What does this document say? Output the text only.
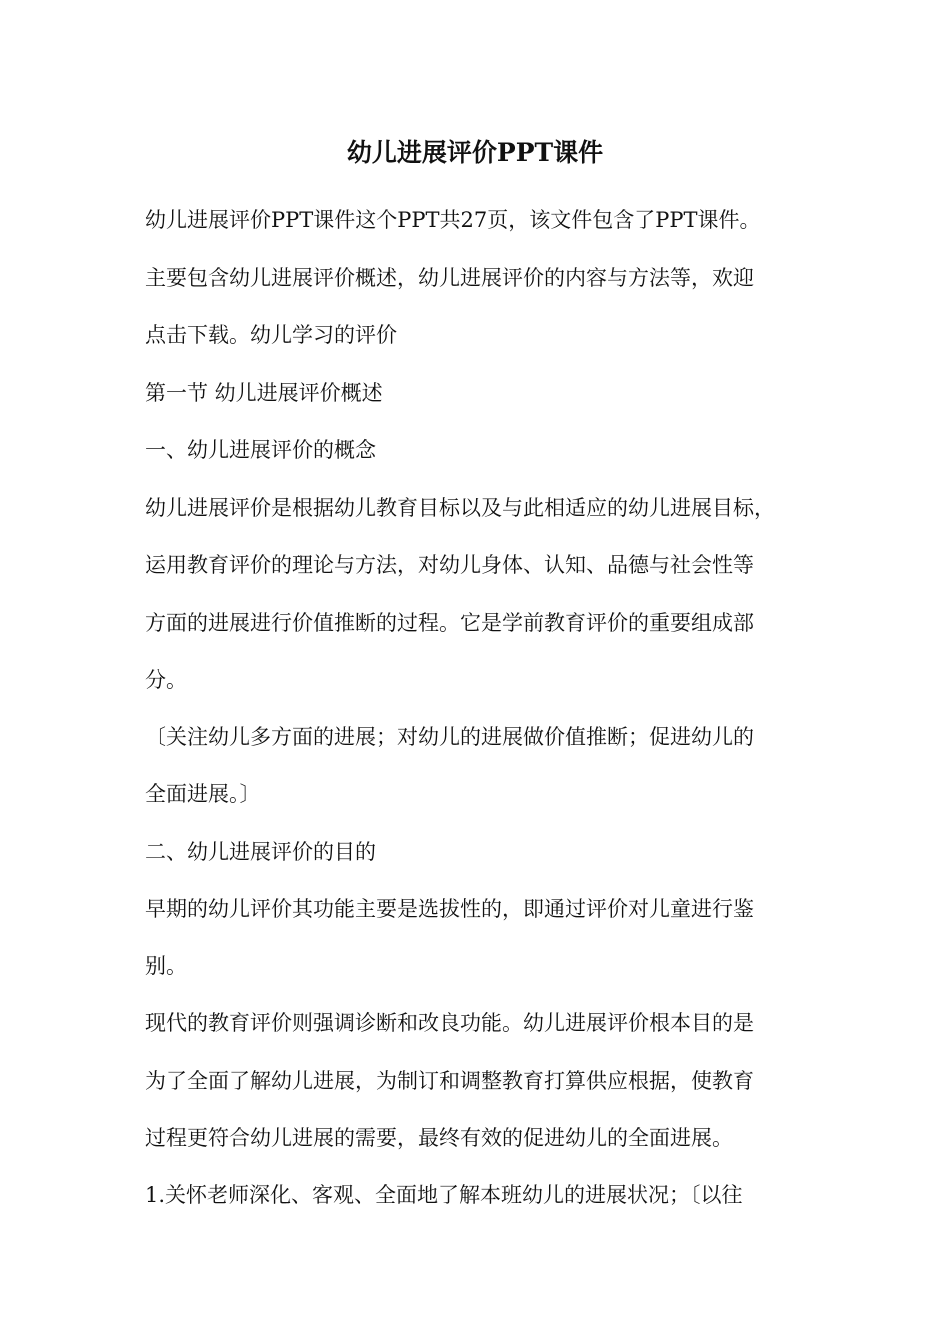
幼儿进展评价PPT课件
幼儿进展评价PPT课件这个PPT共27页，该文件包含了PPT课件。
主要包含幼儿进展评价概述，幼儿进展评价的内容与方法等，欢迎
点击下载。幼儿学习的评价
第一节 幼儿进展评价概述
一、幼儿进展评价的概念
幼儿进展评价是根据幼儿教育目标以及与此相适应的幼儿进展目标，
运用教育评价的理论与方法，对幼儿身体、认知、品德与社会性等
方面的进展进行价值推断的过程。它是学前教育评价的重要组成部
分。
〔关注幼儿多方面的进展；对幼儿的进展做价值推断；促进幼儿的
全面进展。〕
二、幼儿进展评价的目的
早期的幼儿评价其功能主要是选拔性的，即通过评价对儿童进行鉴
别。
现代的教育评价则强调诊断和改良功能。幼儿进展评价根本目的是
为了全面了解幼儿进展，为制订和调整教育打算供应根据，使教育
过程更符合幼儿进展的需要，最终有效的促进幼儿的全面进展。
1.关怀老师深化、客观、全面地了解本班幼儿的进展状况；〔以往
